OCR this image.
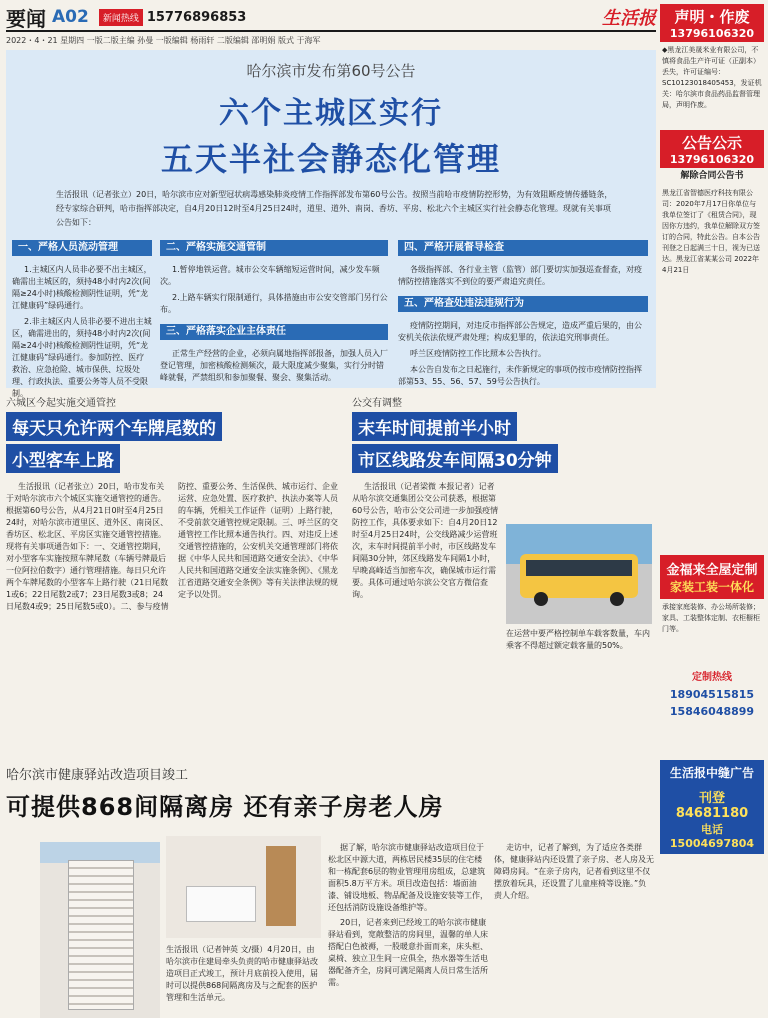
要闻 A02	新闻热线 15776896853	生活报
2022・4・21 星期四 一版二版主编 孙曼 一版编辑 杨雨轩 二版编辑 邵明娟 版式 于海军
哈尔滨市发布第60号公告
六个主城区实行
五天半社会静态化管理
生活报讯（记者张立）20日，哈尔滨市应对新型冠状病毒感染肺炎疫情工作指挥部发布第60号公告。按照当前哈市疫情防控形势，为有效阻断疫情传播链条，经专家综合研判，哈市指挥部决定，自4月20日12时至4月25日24时，道里、道外、南岗、香坊、平房、松北六个主城区实行社会静态化管理。现就有关事项公告如下：
一、严格人员流动管理

1.主城区内人员非必要不出主城区，确需出主城区的，须持48小时内2次(间隔≥24小时)核酸检测阴性证明，凭“龙江健康码”绿码通行。

2.非主城区内人员非必要不进出主城区，确需进出的，须持48小时内2次(间隔≥24小时)核酸检测阴性证明，凭“龙江健康码”绿码通行。参加防控、医疗救治、应急抢险、城市保供、垃圾处理、行政执法、重要公务等人员不受限制。

二、严格实施交通管制

1.暂停地铁运营。城市公交车辆缩短运营时间，减少发车频次。

2.上路车辆实行限制通行，具体措施由市公安交管部门另行公布。

三、严格落实企业主体责任

正常生产经营的企业，必须向属地指挥部报备，加强人员入厂登记管理，加密核酸检测频次，最大限度减少聚集，实行分时错峰就餐，严禁组织和参加聚餐、聚会、聚集活动。

四、严格开展督导检查

各级指挥部、各行业主管（监管）部门要切实加强巡查督查，对疫情防控措施落实不到位的要严肃追究责任。

五、严格查处违法违规行为

疫情防控期间，对违反市指挥部公告规定，造成严重后果的，由公安机关依法依规严肃处理；构成犯罪的，依法追究刑事责任。

呼兰区疫情防控工作比照本公告执行。

本公告自发布之日起施行，未作新规定的事项仍按市疫情防控指挥部第53、55、56、57、59号公告执行。

六城区今起实施交通管控
每天只允许两个车牌尾数的
小型客车上路

生活报讯（记者张立）20日，哈市发布关于对哈尔滨市六个城区实施交通管控的通告。根据第60号公告，从4月21日0时至4月25日24时，对哈尔滨市道里区、道外区、南岗区、香坊区、松北区、平房区实施交通管控措施。现将有关事项通告如下：一、交通管控期间，对小型客车实施按照车牌尾数（车辆号牌最后一位阿拉伯数字）通行管理措施。每日只允许两个车牌尾数的小型客车上路行驶（21日尾数1或6；22日尾数2或7；23日尾数3或8；24日尾数4或9；25日尾数5或0）。二、参与疫情防控、重要公务、生活保供、城市运行、企业运营、应急处置、医疗救护、执法办案等人员的车辆，凭相关工作证件（证明）上路行驶，不受前款交通管控规定限制。三、呼兰区的交通管控工作比照本通告执行。四、对违反上述交通管控措施的，公安机关交通管理部门将依据《中华人民共和国道路交通安全法》、《中华人民共和国道路交通安全法实施条例》、《黑龙江省道路交通安全条例》等有关法律法规的规定予以处罚。

公交有调整
末车时间提前半小时
市区线路发车间隔30分钟

生活报讯（记者梁微 本报记者）记者从哈尔滨交通集团公交公司获悉，根据第60号公告，哈市公交公司进一步加强疫情防控工作，具体要求如下：自4月20日12时至4月25日24时，公交线路减少运营班次，末车时间提前半小时，市区线路发车间隔30分钟，郊区线路发车间隔1小时，早晚高峰适当加密车次，确保城市运行需要。具体可通过哈尔滨公交官方微信查询。

在运营中要严格控制单车载客数量，车内乘客不得超过额定载客量的50%。
哈尔滨市健康驿站改造项目竣工
可提供868间隔离房 还有亲子房老人房
生活报讯（记者钟英 文/摄）4月20日，由哈尔滨市住建局牵头负责的哈市健康驿站改造项目正式竣工，预计月底前投入使用，届时可以提供868间隔离房及与之配套的医护管理和生活单元。

据了解，哈尔滨市健康驿站改造项目位于松北区中源大道，两栋居民楼35层的住宅楼和一栋配套6层的物业管理用房组成，总建筑面积5.8万平方米。项目改造包括：墙面油漆、铺设地板、物品配备及设施安装等工作，还包括消防设施设备维护等。

20日，记者来到已经竣工的哈尔滨市健康驿站看到，宽敞整洁的房间里，温馨的单人床搭配白色被褥，一股暖意扑面而来，床头柜、桌椅、独立卫生间一应俱全，热水器等生活电器配备齐全，房间可满足隔离人员日常生活所需。

走访中，记者了解到，为了适应各类群体，健康驿站内还设置了亲子房、老人房及无障碍房间。“在亲子房内，记者看到这里不仅摆放着玩具，还设置了儿童座椅等设施。”负责人介绍。

声明・作废
13796106320
◆黑龙江美晟米业有限公司，不慎将食品生产许可证（正副本）丢失，许可证编号：SC10123018405453，发证机关：哈尔滨市食品药品监督管理局，声明作废。
公告公示
13796106320
解除合同公告书
黑龙江省智德医疗科技有限公司：2020年7月17日你单位与我单位签订了《租赁合同》，现因你方违约，我单位解除双方签订的合同，特此公告。自本公告刊登之日起满三十日，视为已送达。黑龙江省某某公司 2022年4月21日
金福来全屋定制
家装工装一体化
承接家庭装修、办公场所装修；家具、工装整体定制、衣柜橱柜门等。
定制热线
18904515815
15846048899
生活报中缝广告
刊登 84681180
电话 15004697804
